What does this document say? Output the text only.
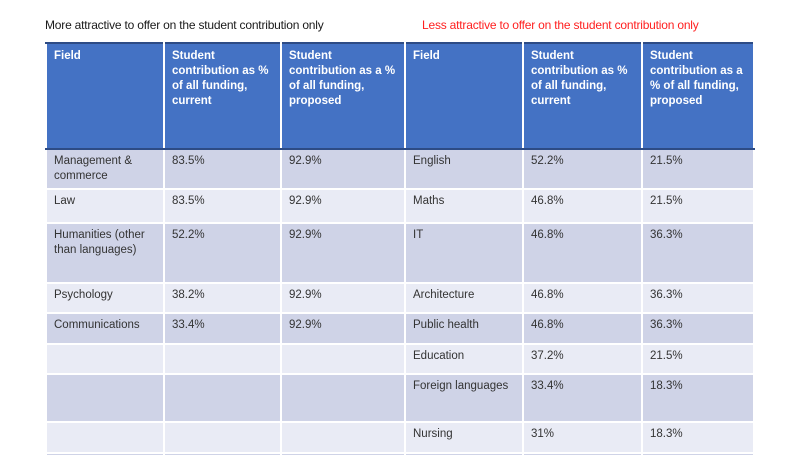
More attractive to offer on the student contribution only	Less attractive to offer on the student contribution only
Field	Student contribution as % of all funding, current	Student contribution as a % of all funding, proposed	Field	Student contribution as % of all funding, current	Student contribution as a % of all funding, proposed
Management & commerce	83.5%	92.9%	English	52.2%	21.5%
Law	83.5%	92.9%	Maths	46.8%	21.5%
Humanities (other than languages)	52.2%	92.9%	IT	46.8%	36.3%
Psychology	38.2%	92.9%	Architecture	46.8%	36.3%
Communications	33.4%	92.9%	Public health	46.8%	36.3%
			Education	37.2%	21.5%
			Foreign languages	33.4%	18.3%
			Nursing	31%	18.3%
